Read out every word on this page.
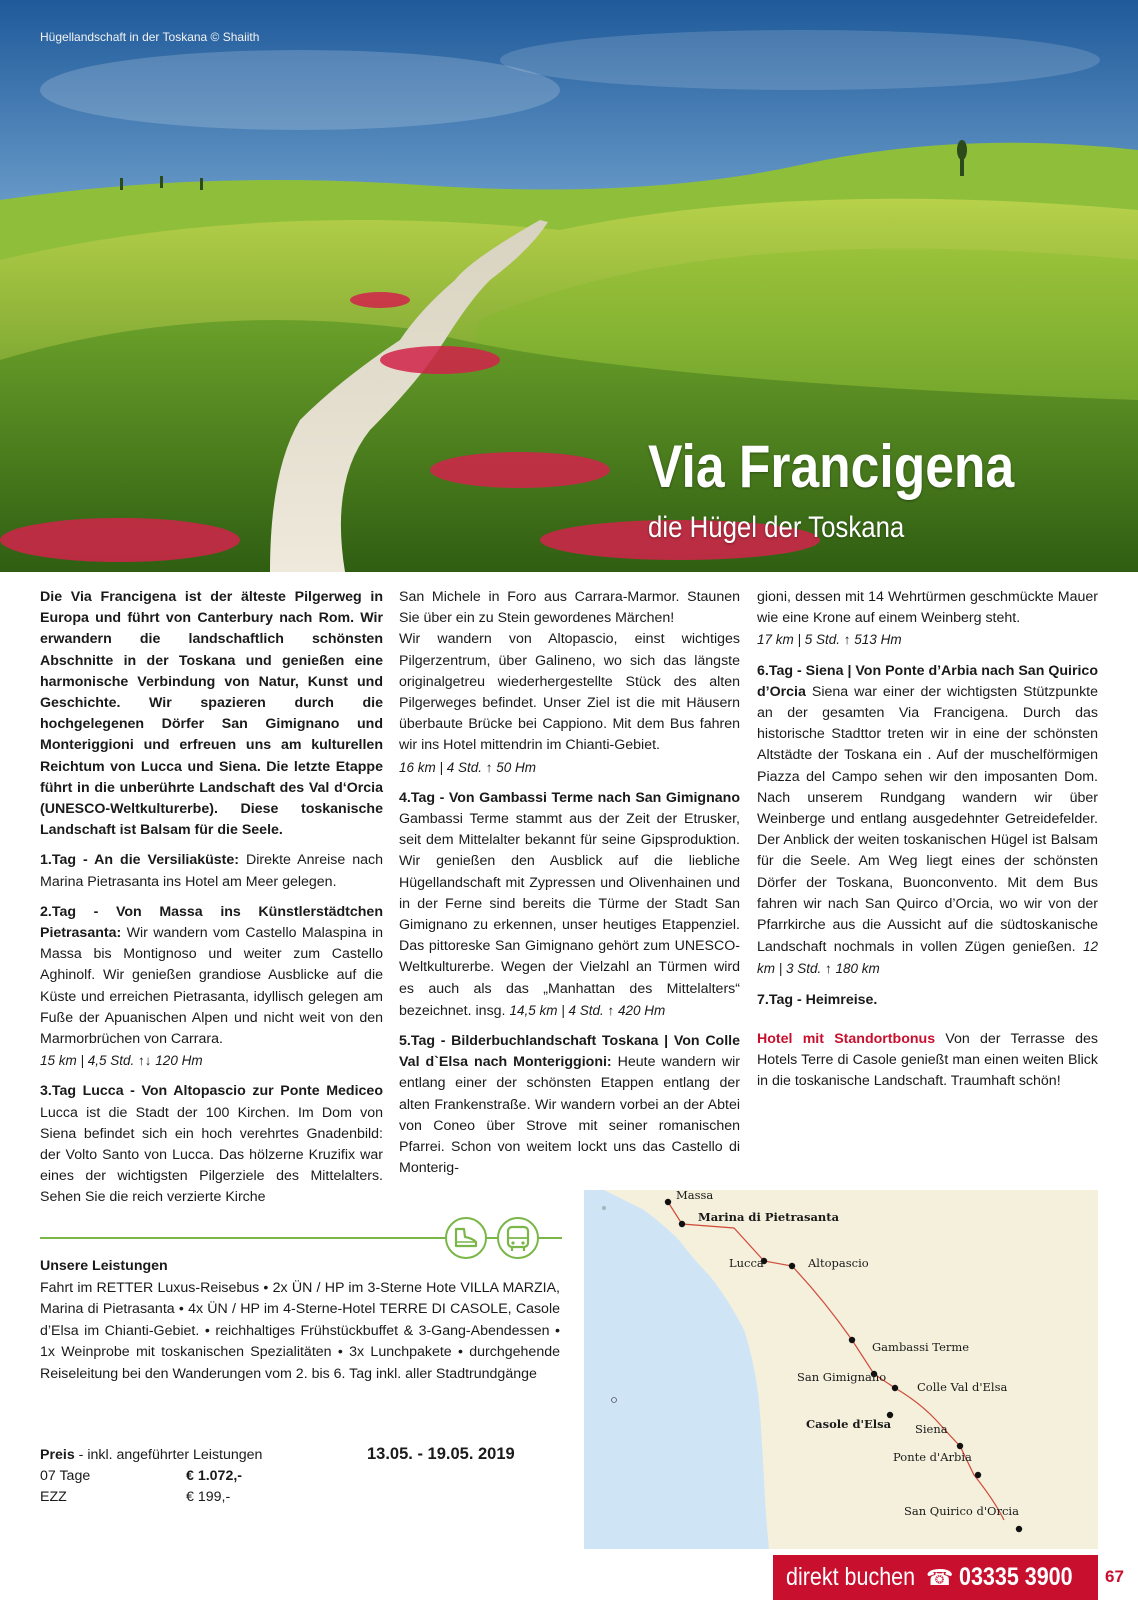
Hügellandschaft in der Toskana © Shaiith
Via Francigena
die Hügel der Toskana

Die Via Francigena ist der älteste Pilgerweg in Europa und führt von Canterbury nach Rom. Wir erwandern die landschaftlich schönsten Abschnitte in der Toskana und genießen eine harmonische Verbindung von Natur, Kunst und Geschichte. Wir spazieren durch die hochgelegenen Dörfer San Gimignano und Monteriggioni und erfreuen uns am kulturellen Reichtum von Lucca und Siena. Die letzte Etappe führt in die unberührte Landschaft des Val d‘Orcia (UNESCO-Weltkulturerbe). Diese toskanische Landschaft ist Balsam für die Seele.

1.Tag - An die Versiliaküste: Direkte Anreise nach Marina Pietrasanta ins Hotel am Meer gelegen.

2.Tag - Von Massa ins Künstlerstädtchen Pietrasanta: Wir wandern vom Castello Malaspina in Massa bis Montignoso und weiter zum Castello Aghinolf. Wir genießen grandiose Ausblicke auf die Küste und erreichen Pietrasanta, idyllisch gelegen am Fuße der Apuanischen Alpen und nicht weit von den Marmorbrüchen von Carrara.
15 km | 4,5 Std. ↑↓ 120 Hm

3.Tag Lucca - Von Altopascio zur Ponte Mediceo Lucca ist die Stadt der 100 Kirchen. Im Dom von Siena befindet sich ein hoch verehrtes Gnadenbild: der Volto Santo von Lucca. Das hölzerne Kruzifix war eines der wichtigsten Pilgerziele des Mittelalters. Sehen Sie die reich verzierte Kirche

San Michele in Foro aus Carrara-Marmor. Staunen Sie über ein zu Stein gewordenes Märchen!

Wir wandern von Altopascio, einst wichtiges Pilgerzentrum, über Galineno, wo sich das längste originalgetreu wiederhergestellte Stück des alten Pilgerweges befindet. Unser Ziel ist die mit Häusern überbaute Brücke bei Cappiono. Mit dem Bus fahren wir ins Hotel mittendrin im Chianti-Gebiet.
16 km | 4 Std. ↑ 50 Hm

4.Tag - Von Gambassi Terme nach San Gimignano Gambassi Terme stammt aus der Zeit der Etrusker, seit dem Mittelalter bekannt für seine Gipsproduktion. Wir genießen den Ausblick auf die liebliche Hügellandschaft mit Zypressen und Olivenhainen und in der Ferne sind bereits die Türme der Stadt San Gimignano zu erkennen, unser heutiges Etappenziel. Das pittoreske San Gimignano gehört zum UNESCO-Weltkulturerbe. Wegen der Vielzahl an Türmen wird es auch als das „Manhattan des Mittelalters“ bezeichnet. insg. 14,5 km | 4 Std. ↑ 420 Hm

5.Tag - Bilderbuchlandschaft Toskana | Von Colle Val d`Elsa nach Monteriggioni: Heute wandern wir entlang einer der schönsten Etappen entlang der alten Frankenstraße. Wir wandern vorbei an der Abtei von Coneo über Strove mit seiner romanischen Pfarrei. Schon von weitem lockt uns das Castello di Monterig-

gioni, dessen mit 14 Wehrtürmen geschmückte Mauer wie eine Krone auf einem Weinberg steht.
17 km | 5 Std. ↑ 513 Hm

6.Tag - Siena | Von Ponte d’Arbia nach San Quirico d’Orcia Siena war einer der wichtigsten Stützpunkte an der gesamten Via Francigena. Durch das historische Stadttor treten wir in eine der schönsten Altstädte der Toskana ein . Auf der muschelförmigen Piazza del Campo sehen wir den imposanten Dom. Nach unserem Rundgang wandern wir über Weinberge und entlang ausgedehnter Getreidefelder. Der Anblick der weiten toskanischen Hügel ist Balsam für die Seele. Am Weg liegt eines der schönsten Dörfer der Toskana, Buonconvento. Mit dem Bus fahren wir nach San Quirco d’Orcia, wo wir von der Pfarrkirche aus die Aussicht auf die südtoskanische Landschaft nochmals in vollen Zügen genießen. 12 km | 3 Std. ↑ 180 km

7.Tag - Heimreise.

Hotel mit Standortbonus Von der Terrasse des Hotels Terre di Casole genießt man einen weiten Blick in die toskanische Landschaft. Traumhaft schön!

Unsere Leistungen
Fahrt im RETTER Luxus-Reisebus • 2x ÜN / HP im 3-Sterne Hote VILLA MARZIA, Marina di Pietrasanta • 4x ÜN / HP im 4-Sterne-Hotel TERRE DI CASOLE, Casole d’Elsa im Chianti-Gebiet. • reichhaltiges Frühstückbuffet & 3-Gang-Abendessen • 1x Weinprobe mit toskanischen Spezialitäten • 3x Lunchpakete • durchgehende Reiseleitung bei den Wanderungen vom 2. bis 6. Tag inkl. aller Stadtrundgänge
Preis - inkl. angeführter Leistungen
07 Tage	€ 1.072,-
EZZ	€ 199,-
13.05. - 19.05. 2019
Massa
Marina di Pietrasanta
Lucca	Altopascio
Gambassi Terme
San Gimignano
Colle Val d'Elsa
Casole d'Elsa Siena
Ponte d'Arbia
San Quirico d'Orcia
direkt buchen ☎ 03335 3900 67
